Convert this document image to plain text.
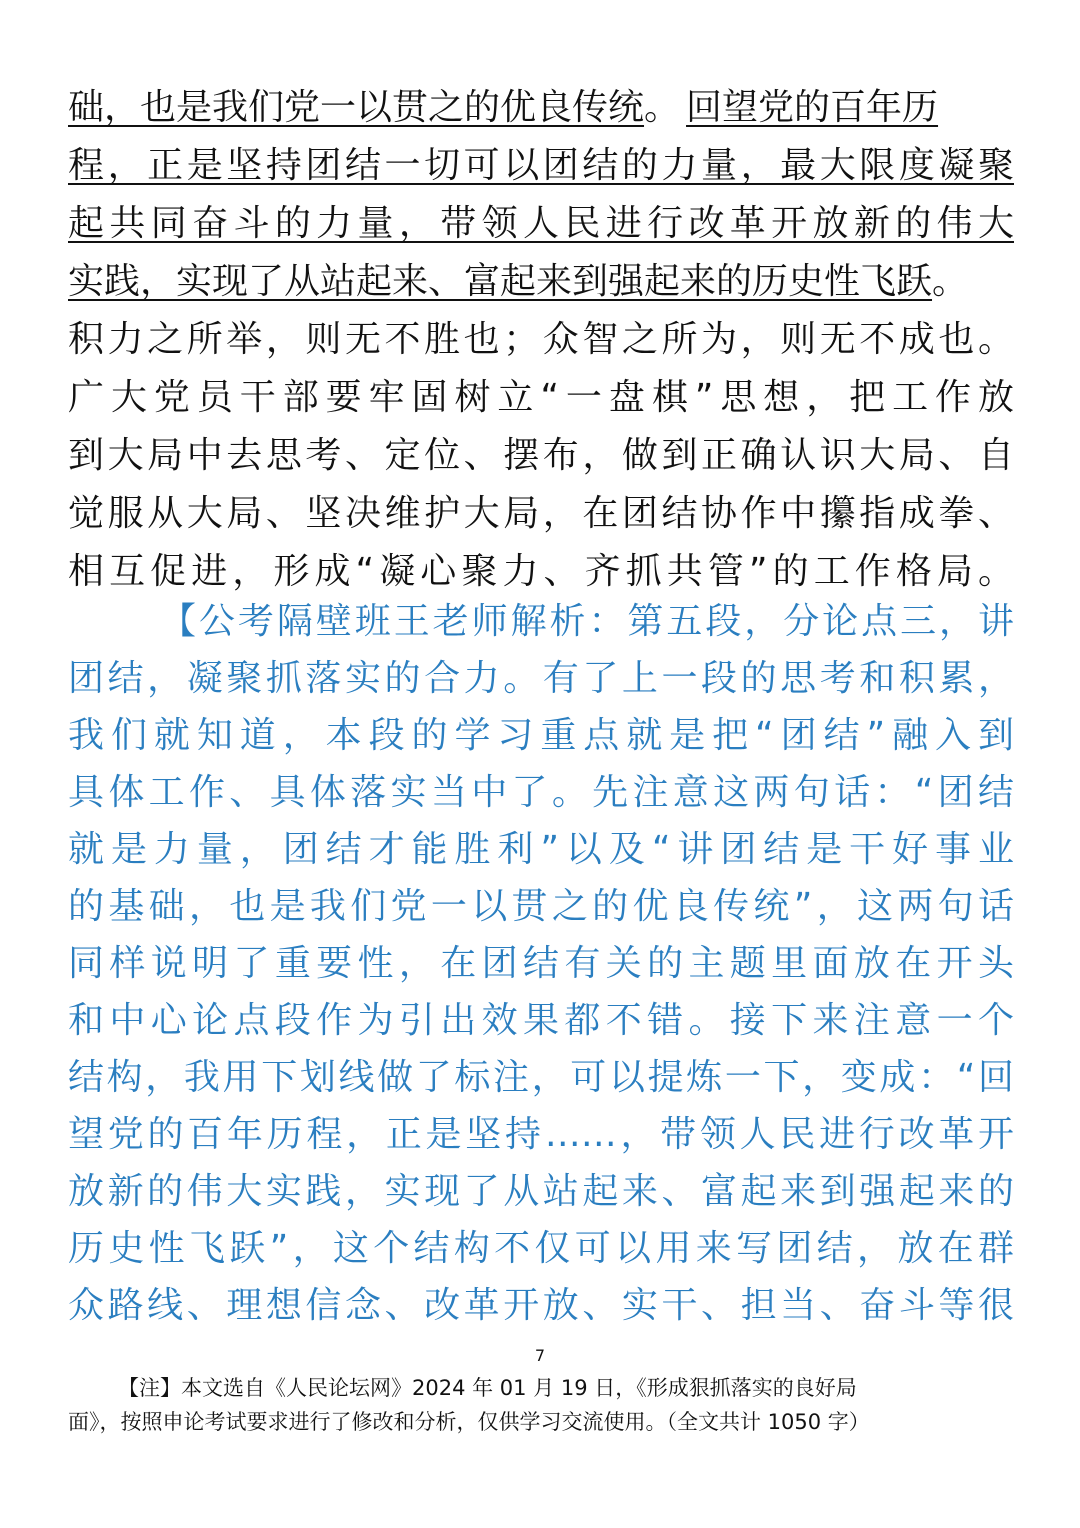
础，也是我们党一以贯之的优良传统。 回望党的百年历
程，正是坚持团结一切可以团结的力量，最大限度凝聚
起共同奋斗的力量，带领人民进行改革开放新的伟大
实践，实现了从站起来、富起来到强起来的历史性飞跃。
积力之所举，则无不胜也；众智之所为，则无不成也。
广大党员干部要牢固树立“一盘棋”思想，把工作放
到大局中去思考、定位、摆布，做到正确认识大局、自
觉服从大局、坚决维护大局，在团结协作中攥指成拳、
相互促进，形成“凝心聚力、齐抓共管”的工作格局。
【公考隔壁班王老师解析：第五段，分论点三，讲
团结，凝聚抓落实的合力。有了上一段的思考和积累，
我们就知道，本段的学习重点就是把“团结”融入到
具体工作、具体落实当中了。先注意这两句话：“团结
就是力量，团结才能胜利”以及“讲团结是干好事业
的基础，也是我们党一以贯之的优良传统”，这两句话
同样说明了重要性，在团结有关的主题里面放在开头
和中心论点段作为引出效果都不错。接下来注意一个
结构，我用下划线做了标注，可以提炼一下，变成：“回
望党的百年历程，正是坚持……，带领人民进行改革开
放新的伟大实践，实现了从站起来、富起来到强起来的
历史性飞跃”，这个结构不仅可以用来写团结，放在群
众路线、理想信念、改革开放、实干、担当、奋斗等很
7
【注】本文选自《人民论坛网》2024 年 01 月 19 日，《形成狠抓落实的良好局
面》，按照申论考试要求进行了修改和分析，仅供学习交流使用。（全文共计 1050 字）
